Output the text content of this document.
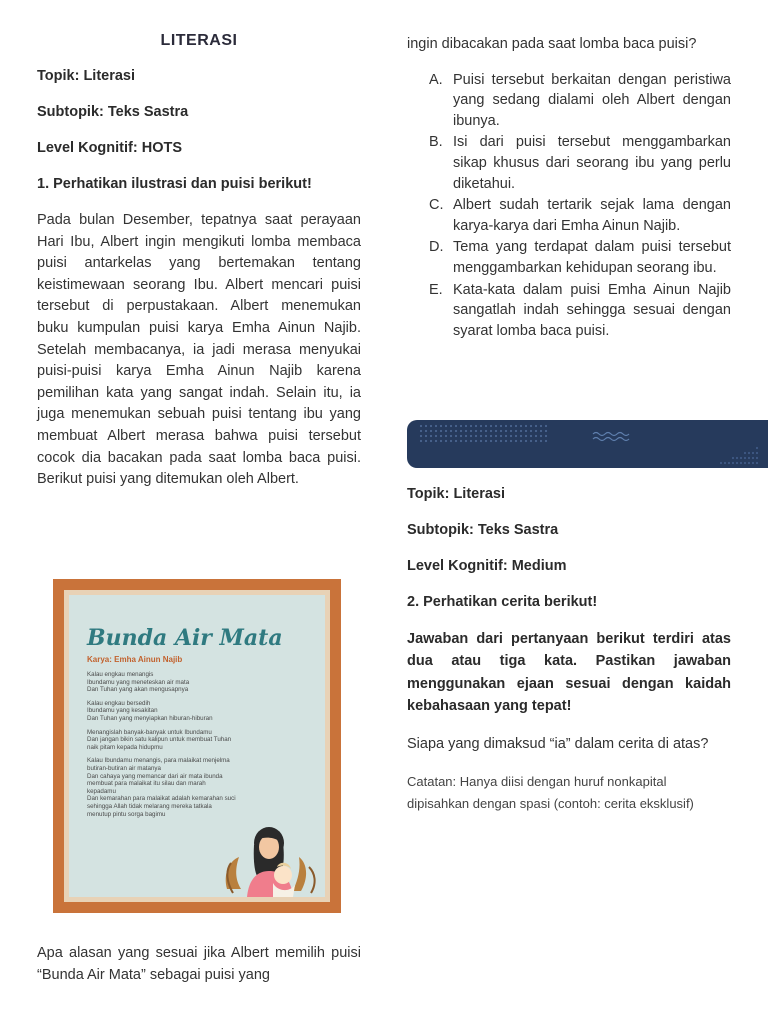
LITERASI
Topik: Literasi
Subtopik: Teks Sastra
Level Kognitif: HOTS
1. Perhatikan ilustrasi dan puisi berikut!

Pada bulan Desember, tepatnya saat perayaan Hari Ibu, Albert ingin mengikuti lomba membaca puisi antarkelas yang bertemakan tentang keistimewaan seorang Ibu. Albert mencari puisi tersebut di perpustakaan. Albert menemukan buku kumpulan puisi karya Emha Ainun Najib. Setelah membacanya, ia jadi merasa menyukai puisi-puisi karya Emha Ainun Najib karena pemilihan kata yang sangat indah. Selain itu, ia juga menemukan sebuah puisi tentang ibu yang membuat Albert merasa bahwa puisi tersebut cocok dia bacakan pada saat lomba baca puisi. Berikut puisi yang ditemukan oleh Albert.

Bunda Air Mata
Karya: Emha Ainun Najib
Kalau engkau menangis
Ibundamu yang meneteskan air mata
Dan Tuhan yang akan mengusapnya
Kalau engkau bersedih
Ibundamu yang kesakitan
Dan Tuhan yang menyiapkan hiburan-hiburan
Menangislah banyak-banyak untuk Ibundamu
Dan jangan bikin satu kalipun untuk membuat Tuhan
naik pitam kepada hidupmu
Kalau Ibundamu menangis, para malaikat menjelma
butiran-butiran air matanya
Dan cahaya yang memancar dari air mata ibunda
membuat para malaikat itu silau dan marah
kepadamu
Dan kemarahan para malaikat adalah kemarahan suci
sehingga Allah tidak melarang mereka tatkala
menutup pintu sorga bagimu

Apa alasan yang sesuai jika Albert memilih puisi “Bunda Air Mata” sebagai puisi yang

ingin dibacakan pada saat lomba baca puisi?

A. Puisi tersebut berkaitan dengan peristiwa yang sedang dialami oleh Albert dengan ibunya.
B. Isi dari puisi tersebut menggambarkan sikap khusus dari seorang ibu yang perlu diketahui.
C. Albert sudah tertarik sejak lama dengan karya-karya dari Emha Ainun Najib.
D. Tema yang terdapat dalam puisi tersebut menggambarkan kehidupan seorang ibu.
E. Kata-kata dalam puisi Emha Ainun Najib sangatlah indah sehingga sesuai dengan syarat lomba baca puisi.
Topik: Literasi
Subtopik: Teks Sastra
Level Kognitif: Medium
2. Perhatikan cerita berikut!

Jawaban dari pertanyaan berikut terdiri atas dua atau tiga kata. Pastikan jawaban menggunakan ejaan sesuai dengan kaidah kebahasaan yang tepat!

Siapa yang dimaksud “ia” dalam cerita di atas?

Catatan: Hanya diisi dengan huruf nonkapital dipisahkan dengan spasi (contoh: cerita eksklusif)
